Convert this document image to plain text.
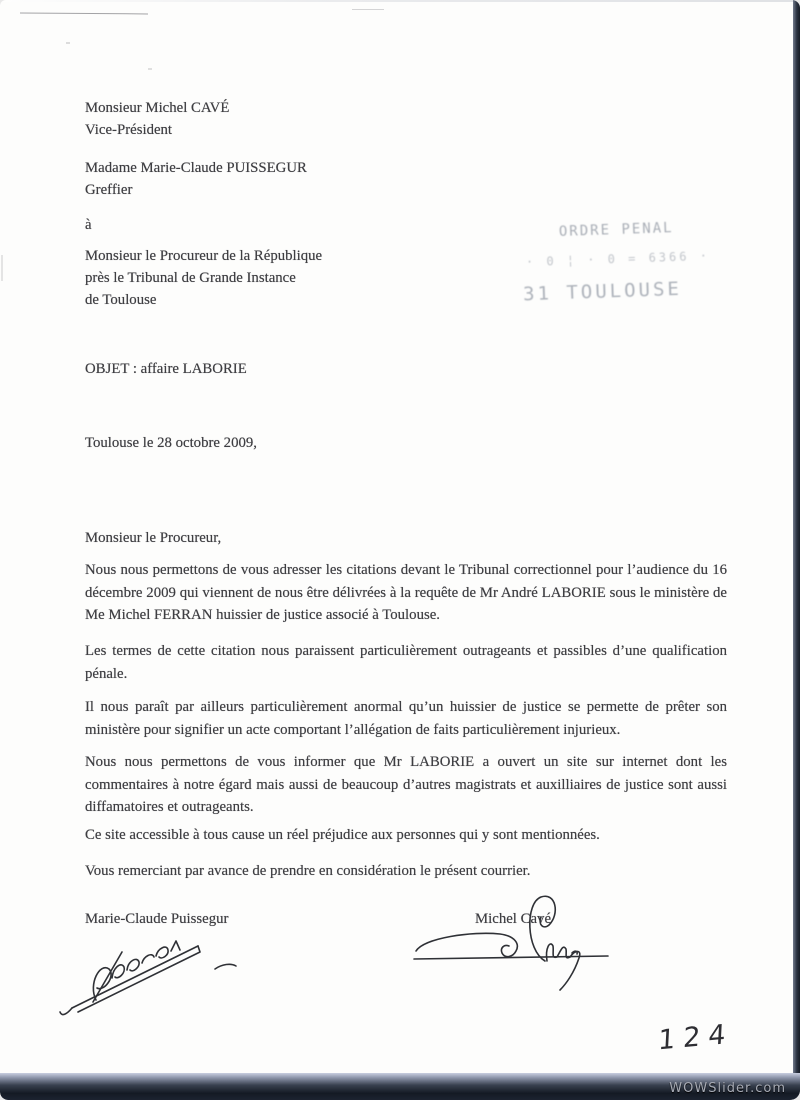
Monsieur Michel CAVÉ
Vice-Président
Madame Marie-Claude PUISSEGUR
Greffier
à
Monsieur le Procureur de la République
près le Tribunal de Grande Instance
de Toulouse
ORDRE PENAL
· 0 ¦ · 0 = 6366 ·
31 TOULOUSE
OBJET : affaire LABORIE
Toulouse le 28 octobre 2009,
Monsieur le Procureur,

Nous nous permettons de vous adresser les citations devant le Tribunal correctionnel pour l’audience du 16 décembre 2009 qui viennent de nous être délivrées à la requête de Mr André LABORIE sous le ministère de Me Michel FERRAN huissier de justice associé à Toulouse.

Les termes de cette citation nous paraissent particulièrement outrageants et passibles d’une qualification pénale.

Il nous paraît par ailleurs particulièrement anormal qu’un huissier de justice se permette de prêter son ministère pour signifier un acte comportant l’allégation de faits particulièrement injurieux.

Nous nous permettons de vous informer que Mr LABORIE a ouvert un site sur internet dont les commentaires à notre égard mais aussi de beaucoup d’autres magistrats et auxilliaires de justice sont aussi diffamatoires et outrageants.

Ce site accessible à tous cause un réel préjudice aux personnes qui y sont mentionnées.

Vous remerciant par avance de prendre en considération le présent courrier.

Marie-Claude Puissegur	Michel Cavé
124
WOWSlider.com
